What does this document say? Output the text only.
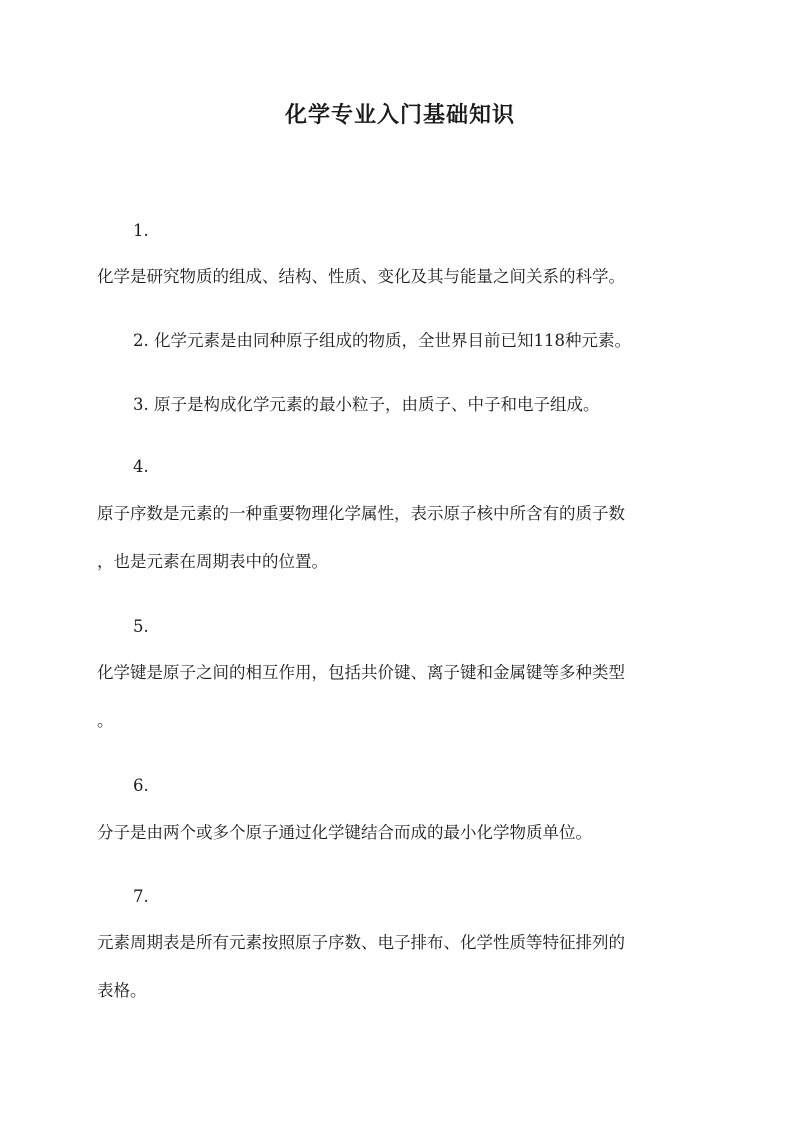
化学专业入门基础知识
1.
化学是研究物质的组成、结构、性质、变化及其与能量之间关系的科学。
2. 化学元素是由同种原子组成的物质，全世界目前已知118种元素。
3. 原子是构成化学元素的最小粒子，由质子、中子和电子组成。
4.
原子序数是元素的一种重要物理化学属性，表示原子核中所含有的质子数
，也是元素在周期表中的位置。
5.
化学键是原子之间的相互作用，包括共价键、离子键和金属键等多种类型
。
6.
分子是由两个或多个原子通过化学键结合而成的最小化学物质单位。
7.
元素周期表是所有元素按照原子序数、电子排布、化学性质等特征排列的
表格。
